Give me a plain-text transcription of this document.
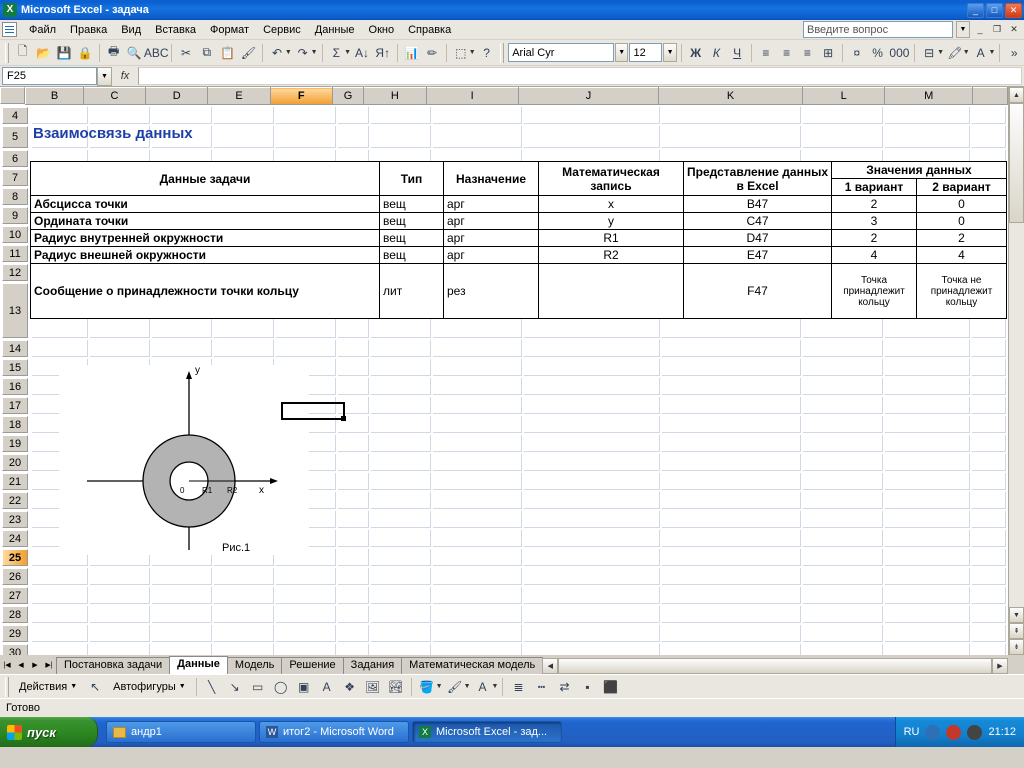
X Microsoft Excel - задача	_	□	✕
Файл	Правка	Вид	Вставка	Формат	Сервис	Данные	Окно	Справка	Введите вопрос	▼	_	❐	✕
🗋 📂 💾 🔒	🖶 🔍 ABC	✂ ⧉ 📋 🖌	↶ ▼ ↷ ▼	Σ ▼ A↓ Я↑ 📊 ✏	⬚ ▼ ?	Arial Cyr	▼ 12	▼	Ж К	Ч	≡	≡	≡	⊞	¤	% 000	⊟ ▼ 🖍 ▼ A ▼	»
F25	▼	fx
B	C	D	E	F	G	H	I	J	K	L	M	
4
5
6
7
8
9
10
11
12
13
14
15
16
17
18
19
20
21
22
23
24
25
26
27
28
29
30

Взаимосвязь данных
Данные задачи	Тип	Назначение	Математическая запись	Представление данных в Excel	Значения данных	
					1 вариант	2 вариант
Абсцисса точки	вещ	арг	x	B47	2	0
Ордината точки	вещ	арг	y	C47	3	0
Радиус внутренней окружности	вещ	арг	R1	D47	2	2
Радиус внешней окружности	вещ	арг	R2	E47	4	4
Сообщение о принадлежности точки кольцу	лит	рез		F47	Точка принадлежит кольцу	Точка не принадлежит кольцу
y
x
0 R1 R2
Рис.1
▲
▼
⇞
⇟
|◀	◀	▶	▶|	Постановка задачи	Данные	Модель	Решение	Задания	Математическая модель	◀	▶
Действия ▼	↖	Автофигуры ▼	╲	↘	▭ ◯ ▣	A	❖ 🖼 🏞 🪣 ▼ 🖌 ▼ A ▼	≣	┅	⇄	▪	⬛
Готово
пуск	андр1	W итог2 - Microsoft Word	X Microsoft Excel - зад...	RU	21:12
